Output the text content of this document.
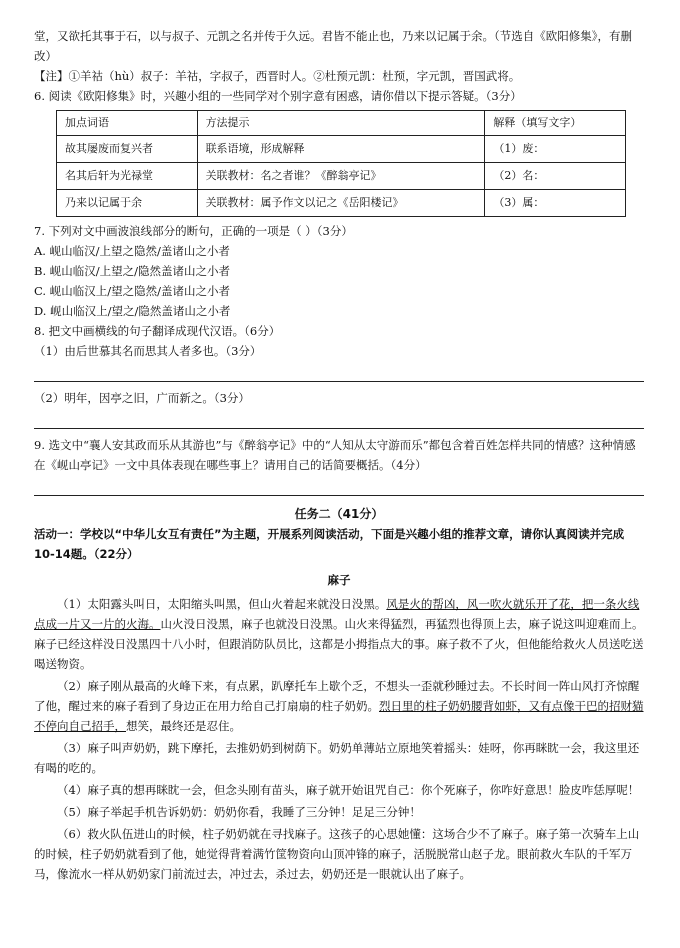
堂，又欲托其事于石，以与叔子、元凯之名并传于久远。君皆不能止也，乃来以记属于余。（节选自《欧阳修集》，有删改）

【注】①羊祜（hù）叔子：羊祜，字叔子，西晋时人。②杜预元凯：杜预，字元凯，晋国武将。

6. 阅读《欧阳修集》时，兴趣小组的一些同学对个别字意有困惑，请你借以下提示答疑。（3分）

加点词语	方法提示	解释（填写文字）
故其屡废而复兴者	联系语境，形成解释	（1）废：
名其后轩为光禄堂	关联教材：名之者谁？《醉翁亭记》	（2）名：
乃来以记属于余	关联教材：属予作文以记之《岳阳楼记》	（3）属：

7. 下列对文中画波浪线部分的断句，正确的一项是（ ）（3分）

A. 岘山临汉/上望之隐然/盖诸山之小者
B. 岘山临汉/上望之/隐然盖诸山之小者
C. 岘山临汉上/望之隐然/盖诸山之小者
D. 岘山临汉上/望之/隐然盖诸山之小者

8. 把文中画横线的句子翻译成现代汉语。（6分）

（1）由后世慕其名而思其人者多也。（3分）

（2）明年，因亭之旧，广而新之。（3分）

9. 选文中“襄人安其政而乐从其游也”与《醉翁亭记》中的“人知从太守游而乐”都包含着百姓怎样共同的情感？这种情感在《岘山亭记》一文中具体表现在哪些事上？请用自己的话简要概括。（4分）

任务二（41分）

活动一：学校以“中华儿女互有责任”为主题，开展系列阅读活动，下面是兴趣小组的推荐文章，请你认真阅读并完成10-14题。（22分）

麻子

（1）太阳露头叫日，太阳缩头叫黑，但山火着起来就没日没黑。风是火的帮凶，风一吹火就乐开了花，把一条火线点成一片又一片的火海。山火没日没黑，麻子也就没日没黑。山火来得猛烈，再猛烈也得顶上去，麻子说这叫迎难而上。麻子已经这样没日没黑四十八小时，但跟消防队员比，这都是小拇指点大的事。麻子救不了火，但他能给救火人员送吃送喝送物资。

（2）麻子刚从最高的火峰下来，有点累，趴摩托车上歇个乏，不想头一歪就秒睡过去。不长时间一阵山风打齐惊醒了他，醒过来的麻子看到了身边正在用力给自己打扇扇的柱子奶奶。烈日里的柱子奶奶腰背如虾，又有点像干巴的招财猫不停向自己招手，想笑，最终还是忍住。

（3）麻子叫声奶奶，跳下摩托，去推奶奶到树荫下。奶奶单薄站立原地笑着摇头：娃呀，你再眯眈一会，我这里还有喝的吃的。

（4）麻子真的想再眯眈一会，但念头刚有苗头，麻子就开始诅咒自己：你个死麻子，你咋好意思！脸皮咋恁厚呢！

（5）麻子举起手机告诉奶奶：奶奶你看，我睡了三分钟！足足三分钟！

（6）救火队伍进山的时候，柱子奶奶就在寻找麻子。这孩子的心思她懂：这场合少不了麻子。麻子第一次骑车上山的时候，柱子奶奶就看到了他，她觉得背着满竹筐物资向山顶冲锋的麻子，活脱脱常山赵子龙。眼前救火车队的千军万马，像流水一样从奶奶家门前流过去，冲过去，杀过去，奶奶还是一眼就认出了麻子。
